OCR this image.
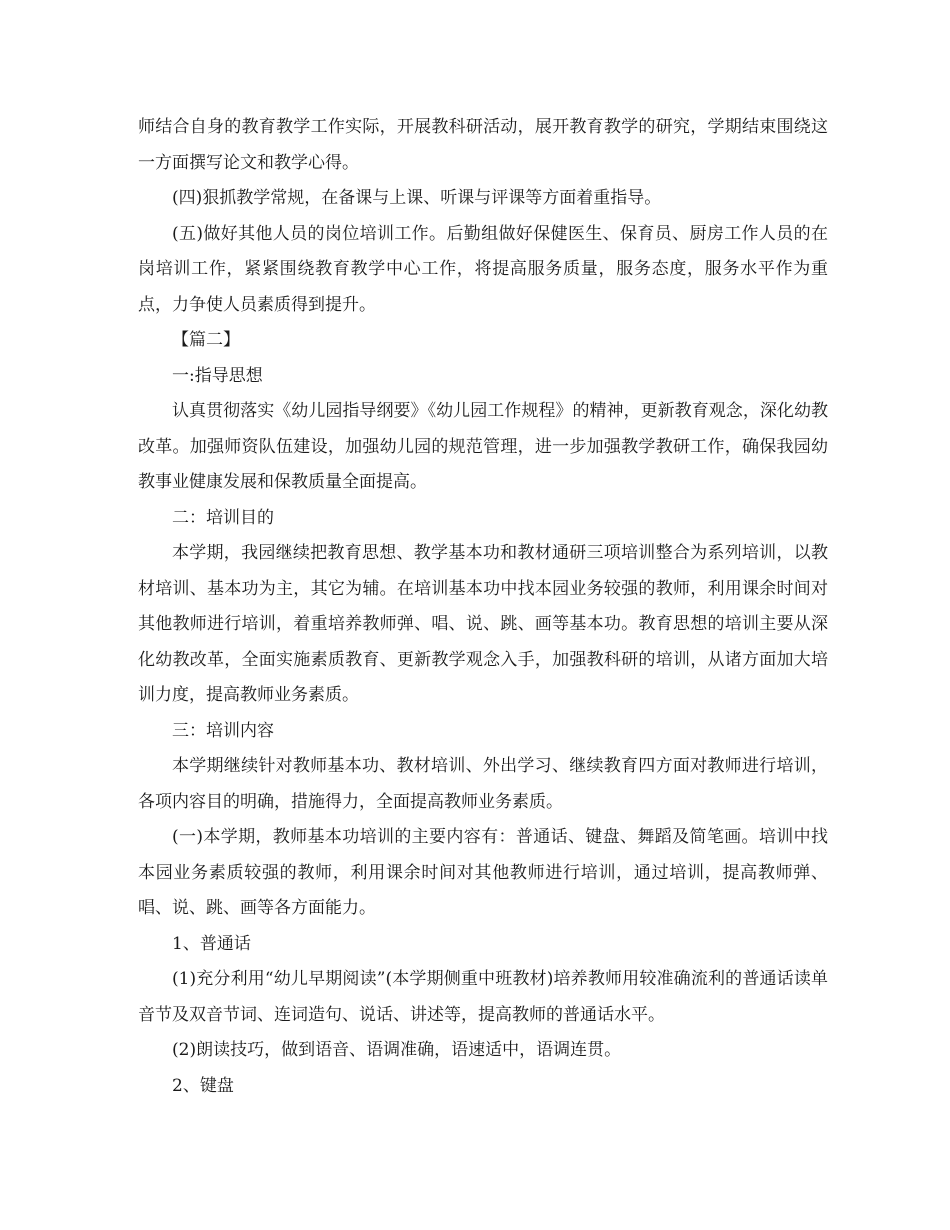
师结合自身的教育教学工作实际，开展教科研活动，展开教育教学的研究，学期结束围绕这一方面撰写论文和教学心得。

(四)狠抓教学常规，在备课与上课、听课与评课等方面着重指导。

(五)做好其他人员的岗位培训工作。后勤组做好保健医生、保育员、厨房工作人员的在岗培训工作，紧紧围绕教育教学中心工作，将提高服务质量，服务态度，服务水平作为重点，力争使人员素质得到提升。

【篇二】

一:指导思想

认真贯彻落实《幼儿园指导纲要》《幼儿园工作规程》的精神，更新教育观念，深化幼教改革。加强师资队伍建设，加强幼儿园的规范管理，进一步加强教学教研工作，确保我园幼教事业健康发展和保教质量全面提高。

二：培训目的

本学期，我园继续把教育思想、教学基本功和教材通研三项培训整合为系列培训，以教材培训、基本功为主，其它为辅。在培训基本功中找本园业务较强的教师，利用课余时间对其他教师进行培训，着重培养教师弹、唱、说、跳、画等基本功。教育思想的培训主要从深化幼教改革，全面实施素质教育、更新教学观念入手，加强教科研的培训，从诸方面加大培训力度，提高教师业务素质。

三：培训内容

本学期继续针对教师基本功、教材培训、外出学习、继续教育四方面对教师进行培训，各项内容目的明确，措施得力，全面提高教师业务素质。

(一)本学期，教师基本功培训的主要内容有：普通话、键盘、舞蹈及简笔画。培训中找本园业务素质较强的教师，利用课余时间对其他教师进行培训，通过培训，提高教师弹、唱、说、跳、画等各方面能力。

1、普通话

(1)充分利用“幼儿早期阅读”(本学期侧重中班教材)培养教师用较准确流利的普通话读单音节及双音节词、连词造句、说话、讲述等，提高教师的普通话水平。

(2)朗读技巧，做到语音、语调准确，语速适中，语调连贯。

2、键盘
